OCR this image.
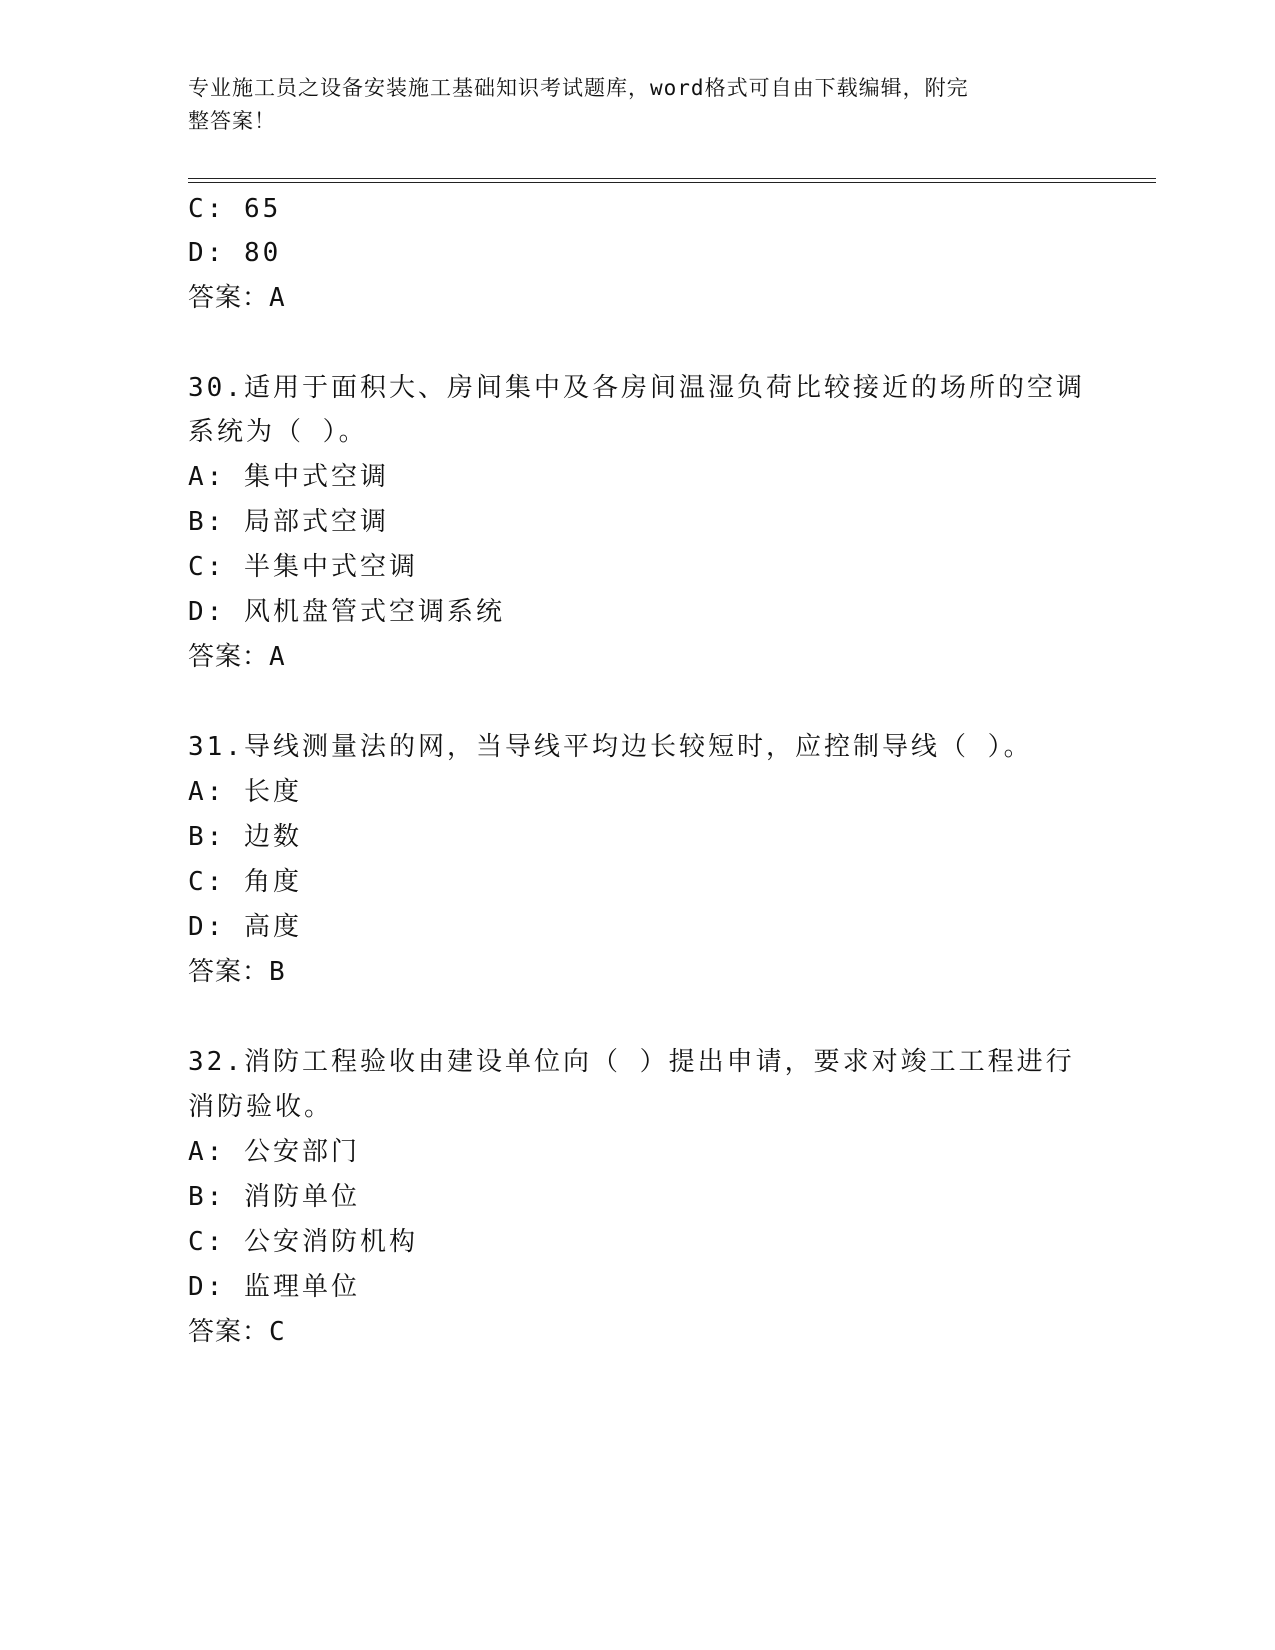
专业施工员之设备安装施工基础知识考试题库，word格式可自由下载编辑，附完
整答案！
C: 65
D: 80
答案：A
30.适用于面积大、房间集中及各房间温湿负荷比较接近的场所的空调
系统为（ ）。
A: 集中式空调
B: 局部式空调
C: 半集中式空调
D: 风机盘管式空调系统
答案：A
31.导线测量法的网，当导线平均边长较短时，应控制导线（ ）。
A: 长度
B: 边数
C: 角度
D: 高度
答案：B
32.消防工程验收由建设单位向（ ）提出申请，要求对竣工工程进行
消防验收。
A: 公安部门
B: 消防单位
C: 公安消防机构
D: 监理单位
答案：C
